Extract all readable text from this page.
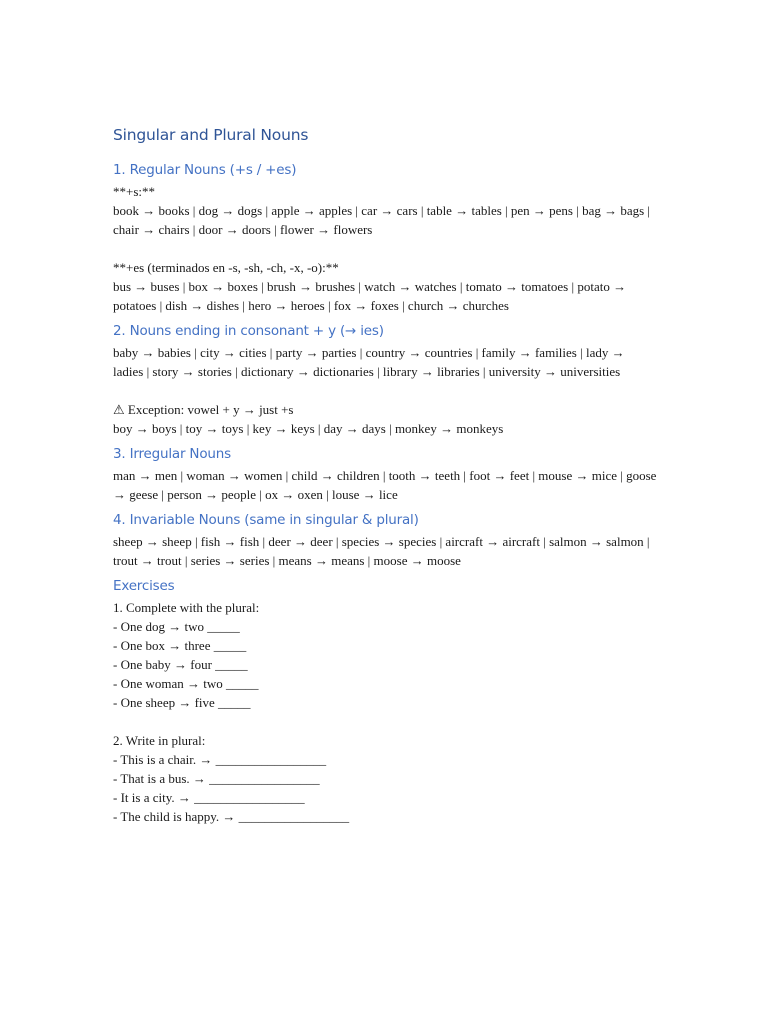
Singular and Plural Nouns
1. Regular Nouns (+s / +es)

**+s:**

book → books | dog → dogs | apple → apples | car → cars | table → tables | pen → pens | bag → bags | chair → chairs | door → doors | flower → flowers

**+es (terminados en -s, -sh, -ch, -x, -o):**

bus → buses | box → boxes | brush → brushes | watch → watches | tomato → tomatoes | potato → potatoes | dish → dishes | hero → heroes | fox → foxes | church → churches

2. Nouns ending in consonant + y (→ ies)

baby → babies | city → cities | party → parties | country → countries | family → families | lady → ladies | story → stories | dictionary → dictionaries | library → libraries | university → universities

⚠ Exception: vowel + y → just +s

boy → boys | toy → toys | key → keys | day → days | monkey → monkeys

3. Irregular Nouns

man → men | woman → women | child → children | tooth → teeth | foot → feet | mouse → mice | goose → geese | person → people | ox → oxen | louse → lice

4. Invariable Nouns (same in singular & plural)

sheep → sheep | fish → fish | deer → deer | species → species | aircraft → aircraft | salmon → salmon | trout → trout | series → series | means → means | moose → moose

Exercises

1. Complete with the plural:

- One dog → two _____

- One box → three _____

- One baby → four _____

- One woman → two _____

- One sheep → five _____

2. Write in plural:

- This is a chair. → _________________

- That is a bus. → _________________

- It is a city. → _________________

- The child is happy. → _________________
